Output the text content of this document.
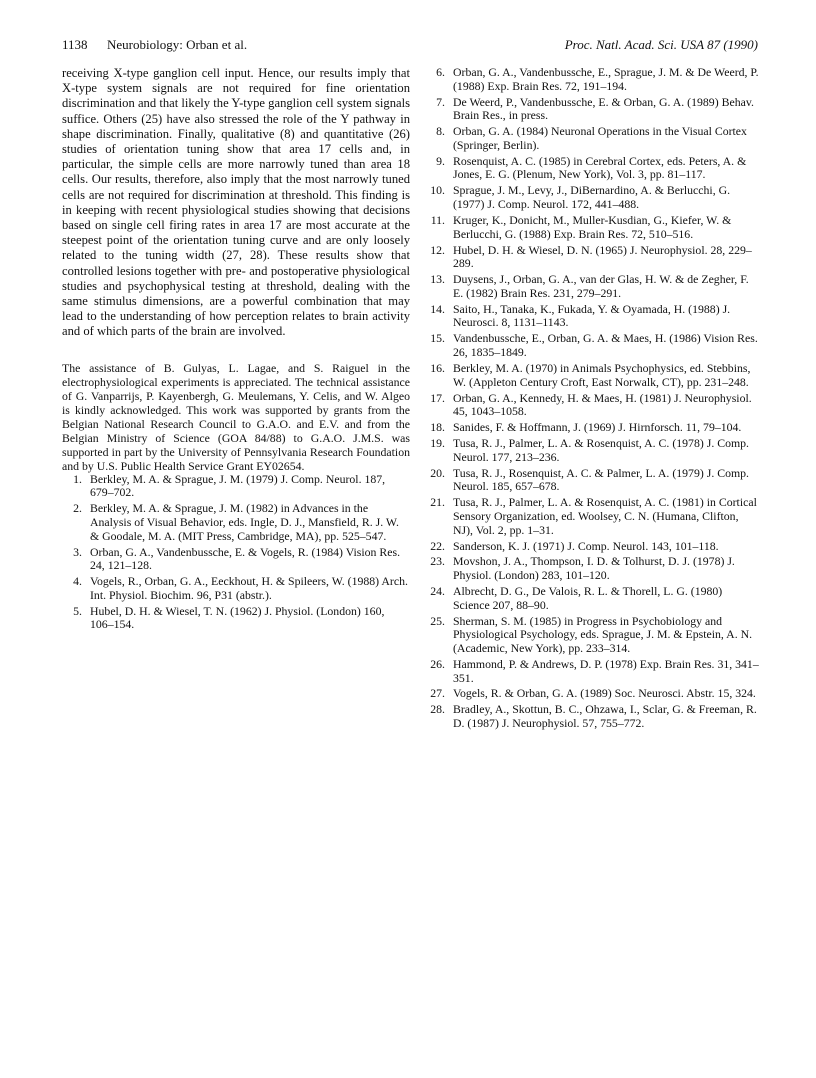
1138 Neurobiology: Orban et al.	Proc. Natl. Acad. Sci. USA 87 (1990)

receiving X-type ganglion cell input. Hence, our results imply that X-type system signals are not required for fine orientation discrimination and that likely the Y-type ganglion cell system signals suffice. Others (25) have also stressed the role of the Y pathway in shape discrimination. Finally, qualitative (8) and quantitative (26) studies of orientation tuning show that area 17 cells and, in particular, the simple cells are more narrowly tuned than area 18 cells. Our results, therefore, also imply that the most narrowly tuned cells are not required for discrimination at threshold. This finding is in keeping with recent physiological studies showing that decisions based on single cell firing rates in area 17 are most accurate at the steepest point of the orientation tuning curve and are only loosely related to the tuning width (27, 28). These results show that controlled lesions together with pre- and postoperative physiological studies and psychophysical testing at threshold, dealing with the same stimulus dimensions, are a powerful combination that may lead to the understanding of how perception relates to brain activity and of which parts of the brain are involved.

The assistance of B. Gulyas, L. Lagae, and S. Raiguel in the electrophysiological experiments is appreciated. The technical assistance of G. Vanparrijs, P. Kayenbergh, G. Meulemans, Y. Celis, and W. Algeo is kindly acknowledged. This work was supported by grants from the Belgian National Research Council to G.A.O. and E.V. and from the Belgian Ministry of Science (GOA 84/88) to G.A.O. J.M.S. was supported in part by the University of Pennsylvania Research Foundation and by U.S. Public Health Service Grant EY02654.

1. Berkley, M. A. & Sprague, J. M. (1979) J. Comp. Neurol. 187, 679–702.
2. Berkley, M. A. & Sprague, J. M. (1982) in Advances in the Analysis of Visual Behavior, eds. Ingle, D. J., Mansfield, R. J. W. & Goodale, M. A. (MIT Press, Cambridge, MA), pp. 525–547.
3. Orban, G. A., Vandenbussche, E. & Vogels, R. (1984) Vision Res. 24, 121–128.
4. Vogels, R., Orban, G. A., Eeckhout, H. & Spileers, W. (1988) Arch. Int. Physiol. Biochim. 96, P31 (abstr.).
5. Hubel, D. H. & Wiesel, T. N. (1962) J. Physiol. (London) 160, 106–154.
6. Orban, G. A., Vandenbussche, E., Sprague, J. M. & De Weerd, P. (1988) Exp. Brain Res. 72, 191–194.
7. De Weerd, P., Vandenbussche, E. & Orban, G. A. (1989) Behav. Brain Res., in press.
8. Orban, G. A. (1984) Neuronal Operations in the Visual Cortex (Springer, Berlin).
9. Rosenquist, A. C. (1985) in Cerebral Cortex, eds. Peters, A. & Jones, E. G. (Plenum, New York), Vol. 3, pp. 81–117.
10. Sprague, J. M., Levy, J., DiBernardino, A. & Berlucchi, G. (1977) J. Comp. Neurol. 172, 441–488.
11. Kruger, K., Donicht, M., Muller-Kusdian, G., Kiefer, W. & Berlucchi, G. (1988) Exp. Brain Res. 72, 510–516.
12. Hubel, D. H. & Wiesel, D. N. (1965) J. Neurophysiol. 28, 229–289.
13. Duysens, J., Orban, G. A., van der Glas, H. W. & de Zegher, F. E. (1982) Brain Res. 231, 279–291.
14. Saito, H., Tanaka, K., Fukada, Y. & Oyamada, H. (1988) J. Neurosci. 8, 1131–1143.
15. Vandenbussche, E., Orban, G. A. & Maes, H. (1986) Vision Res. 26, 1835–1849.
16. Berkley, M. A. (1970) in Animals Psychophysics, ed. Stebbins, W. (Appleton Century Croft, East Norwalk, CT), pp. 231–248.
17. Orban, G. A., Kennedy, H. & Maes, H. (1981) J. Neurophysiol. 45, 1043–1058.
18. Sanides, F. & Hoffmann, J. (1969) J. Hirnforsch. 11, 79–104.
19. Tusa, R. J., Palmer, L. A. & Rosenquist, A. C. (1978) J. Comp. Neurol. 177, 213–236.
20. Tusa, R. J., Rosenquist, A. C. & Palmer, L. A. (1979) J. Comp. Neurol. 185, 657–678.
21. Tusa, R. J., Palmer, L. A. & Rosenquist, A. C. (1981) in Cortical Sensory Organization, ed. Woolsey, C. N. (Humana, Clifton, NJ), Vol. 2, pp. 1–31.
22. Sanderson, K. J. (1971) J. Comp. Neurol. 143, 101–118.
23. Movshon, J. A., Thompson, I. D. & Tolhurst, D. J. (1978) J. Physiol. (London) 283, 101–120.
24. Albrecht, D. G., De Valois, R. L. & Thorell, L. G. (1980) Science 207, 88–90.
25. Sherman, S. M. (1985) in Progress in Psychobiology and Physiological Psychology, eds. Sprague, J. M. & Epstein, A. N. (Academic, New York), pp. 233–314.
26. Hammond, P. & Andrews, D. P. (1978) Exp. Brain Res. 31, 341–351.
27. Vogels, R. & Orban, G. A. (1989) Soc. Neurosci. Abstr. 15, 324.
28. Bradley, A., Skottun, B. C., Ohzawa, I., Sclar, G. & Freeman, R. D. (1987) J. Neurophysiol. 57, 755–772.
